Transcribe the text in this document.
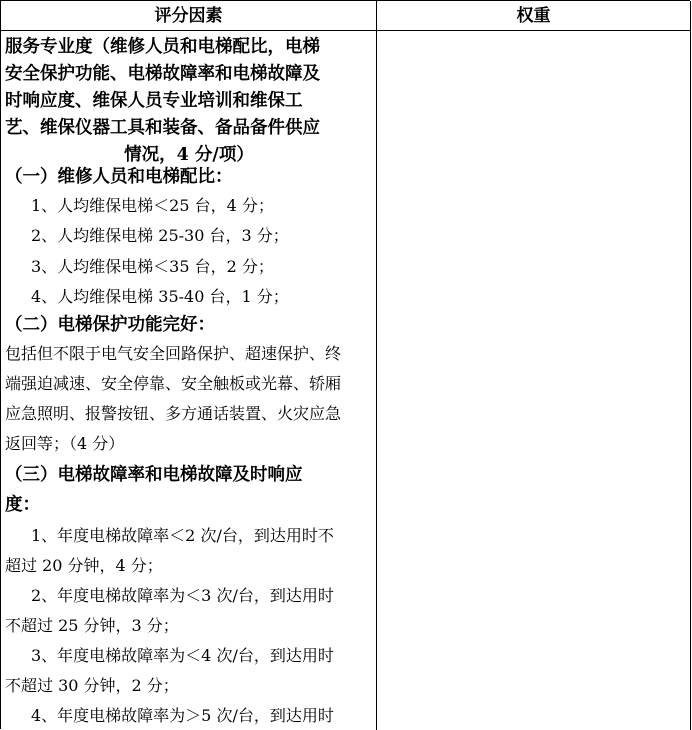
评分因素	权重
服务专业度（维修人员和电梯配比，电梯
安全保护功能、电梯故障率和电梯故障及
时响应度、维保人员专业培训和维保工
艺、维保仪器工具和装备、备品备件供应
情况，4 分/项）
（一）维修人员和电梯配比：
1、人均维保电梯＜25 台，4 分；
2、人均维保电梯 25-30 台，3 分；
3、人均维保电梯＜35 台，2 分；
4、人均维保电梯 35-40 台，1 分；
（二）电梯保护功能完好：
包括但不限于电气安全回路保护、超速保护、终
端强迫减速、安全停靠、安全触板或光幕、轿厢
应急照明、报警按钮、多方通话装置、火灾应急
返回等；（4 分）
（三）电梯故障率和电梯故障及时响应
度：
1、年度电梯故障率＜2 次/台，到达用时不
超过 20 分钟，4 分；
2、年度电梯故障率为＜3 次/台，到达用时
不超过 25 分钟，3 分；
3、年度电梯故障率为＜4 次/台，到达用时
不超过 30 分钟，2 分；
4、年度电梯故障率为＞5 次/台，到达用时
